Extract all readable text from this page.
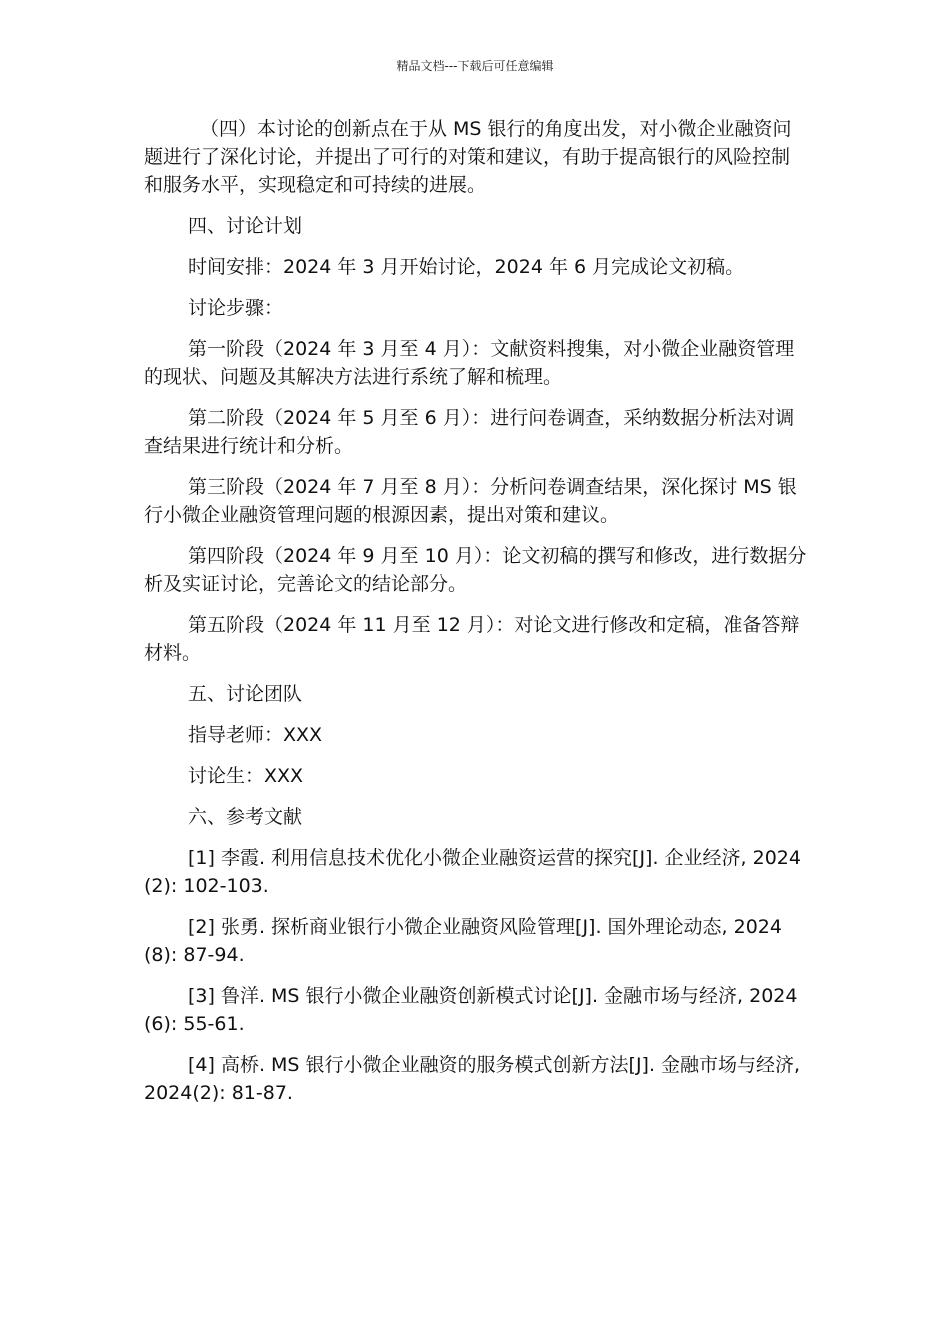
精品文档---下载后可任意编辑

（四）本讨论的创新点在于从 MS 银行的角度出发，对小微企业融资问题进行了深化讨论，并提出了可行的对策和建议，有助于提高银行的风险控制和服务水平，实现稳定和可持续的进展。

四、讨论计划

时间安排：2024 年 3 月开始讨论，2024 年 6 月完成论文初稿。

讨论步骤：

第一阶段（2024 年 3 月至 4 月）：文献资料搜集，对小微企业融资管理的现状、问题及其解决方法进行系统了解和梳理。

第二阶段（2024 年 5 月至 6 月）：进行问卷调查，采纳数据分析法对调查结果进行统计和分析。

第三阶段（2024 年 7 月至 8 月）：分析问卷调查结果，深化探讨 MS 银行小微企业融资管理问题的根源因素，提出对策和建议。

第四阶段（2024 年 9 月至 10 月）：论文初稿的撰写和修改，进行数据分析及实证讨论，完善论文的结论部分。

第五阶段（2024 年 11 月至 12 月）：对论文进行修改和定稿，准备答辩材料。

五、讨论团队

指导老师：XXX

讨论生：XXX

六、参考文献

[1] 李霞. 利用信息技术优化小微企业融资运营的探究[J]. 企业经济, 2024(2): 102-103.

[2] 张勇. 探析商业银行小微企业融资风险管理[J]. 国外理论动态, 2024(8): 87-94.

[3] 鲁洋. MS 银行小微企业融资创新模式讨论[J]. 金融市场与经济, 2024(6): 55-61.

[4] 高桥. MS 银行小微企业融资的服务模式创新方法[J]. 金融市场与经济, 2024(2): 81-87.
